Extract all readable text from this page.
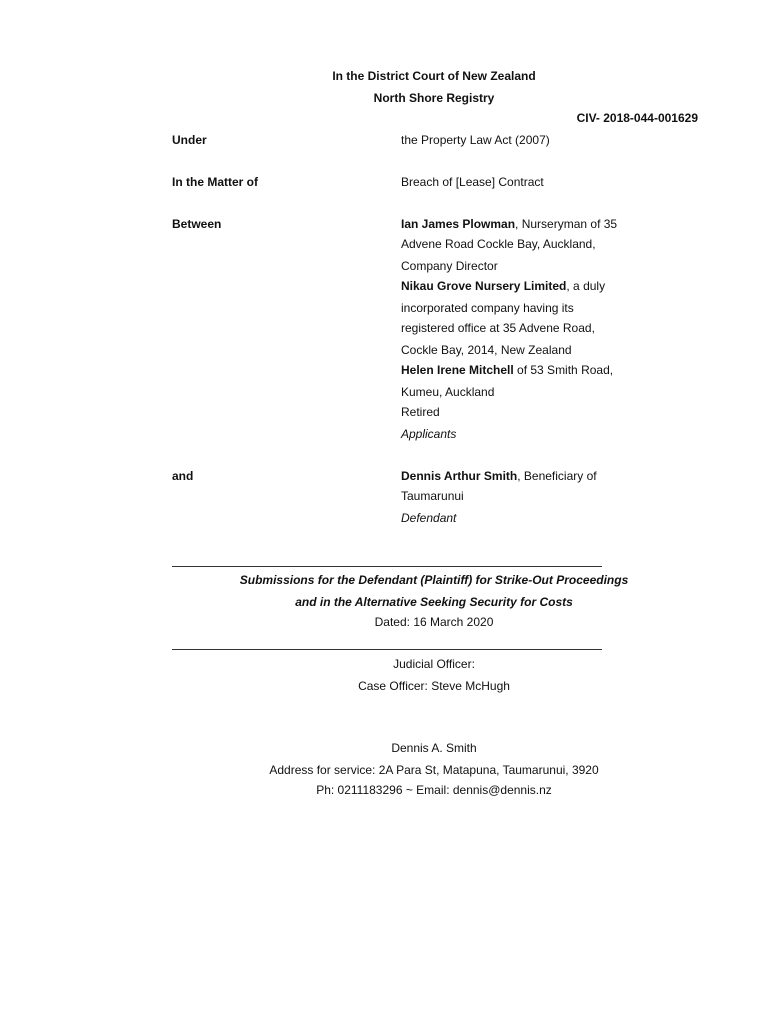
In the District Court of New Zealand
North Shore Registry
CIV- 2018-044-001629
Under	the Property Law Act (2007)
In the Matter of	Breach of [Lease] Contract
Between	Ian James Plowman, Nurseryman of 35
Advene Road Cockle Bay, Auckland,
Company Director
Nikau Grove Nursery Limited, a duly
incorporated company having its
registered office at 35 Advene Road,
Cockle Bay, 2014, New Zealand
Helen Irene Mitchell of 53 Smith Road,
Kumeu, Auckland
Retired
Applicants
and	Dennis Arthur Smith, Beneficiary of
Taumarunui
Defendant
Submissions for the Defendant (Plaintiff) for Strike-Out Proceedings
and in the Alternative Seeking Security for Costs
Dated: 16 March 2020
Judicial Officer:
Case Officer: Steve McHugh
Dennis A. Smith
Address for service: 2A Para St, Matapuna, Taumarunui, 3920
Ph: 0211183296 ~ Email: dennis@dennis.nz
